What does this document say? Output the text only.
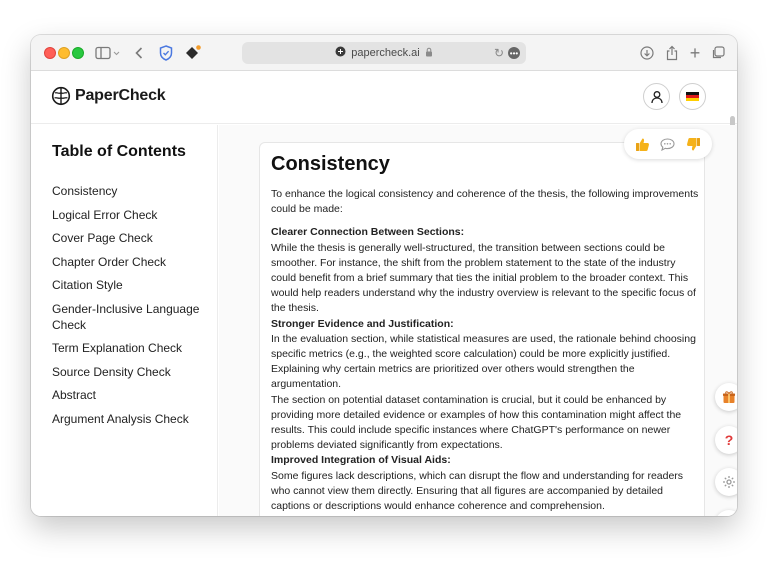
papercheck.ai	↻ •••	+
PaperCheck
Table of Contents
Consistency
Logical Error Check
Cover Page Check
Chapter Order Check
Citation Style
Gender-Inclusive Language Check
Term Explanation Check
Source Density Check
Abstract
Argument Analysis Check
Consistency

To enhance the logical consistency and coherence of the thesis, the following improvements could be made:

Clearer Connection Between Sections:

While the thesis is generally well-structured, the transition between sections could be smoother. For instance, the shift from the problem statement to the state of the industry could benefit from a brief summary that ties the initial problem to the broader context. This would help readers understand why the industry overview is relevant to the specific focus of the thesis.

Stronger Evidence and Justification:

In the evaluation section, while statistical measures are used, the rationale behind choosing specific metrics (e.g., the weighted score calculation) could be more explicitly justified. Explaining why certain metrics are prioritized over others would strengthen the argumentation.

The section on potential dataset contamination is crucial, but it could be enhanced by providing more detailed evidence or examples of how this contamination might affect the results. This could include specific instances where ChatGPT's performance on newer problems deviated significantly from expectations.

Improved Integration of Visual Aids:

Some figures lack descriptions, which can disrupt the flow and understanding for readers who cannot view them directly. Ensuring that all figures are accompanied by detailed captions or descriptions would enhance coherence and comprehension.

?
